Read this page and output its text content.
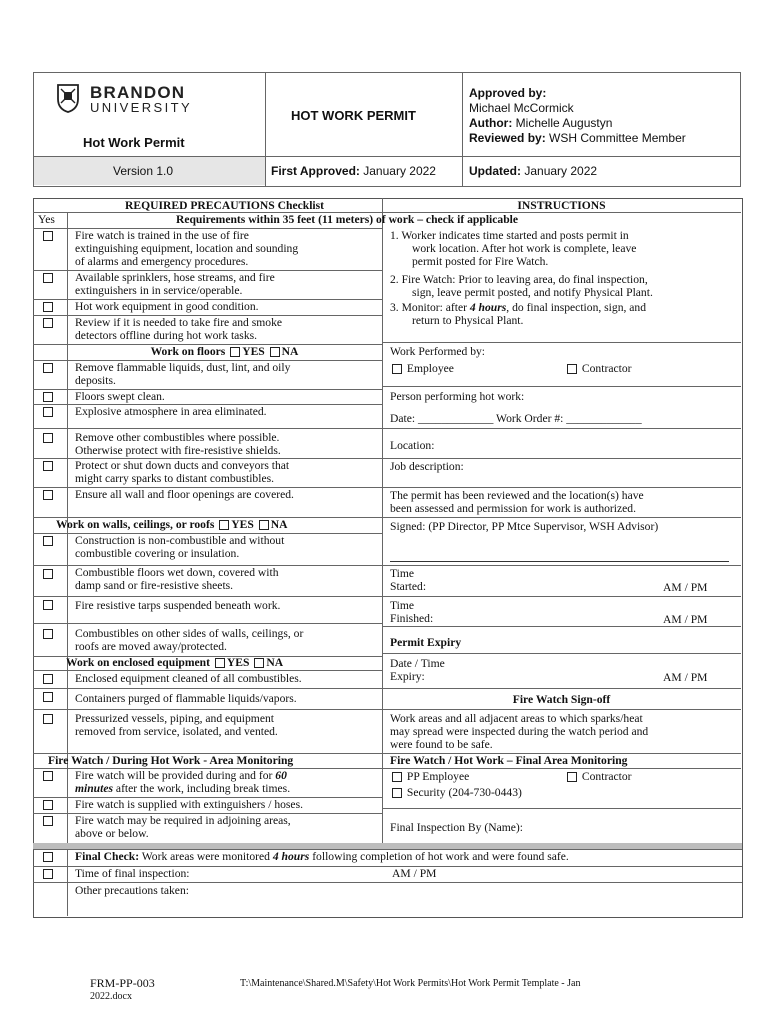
BRANDON
UNIVERSITY
Hot Work Permit
Version 1.0
HOT WORK PERMIT
First Approved: January 2022
Approved by:
Michael McCormick
Author: Michelle Augustyn
Reviewed by: WSH Committee Member
Updated: January 2022
REQUIRED PRECAUTIONS Checklist
Yes	Requirements within 35 feet (11 meters) of work – check if applicable
Fire watch is trained in the use of fire
extinguishing equipment, location and sounding
of alarms and emergency procedures.
Available sprinklers, hose streams, and fire
extinguishers in in service/operable.
Hot work equipment in good condition.
Review if it is needed to take fire and smoke
detectors offline during hot work tasks.
Work on floors YES NA
Remove flammable liquids, dust, lint, and oily
deposits.
Floors swept clean.
Explosive atmosphere in area eliminated.
Remove other combustibles where possible.
Otherwise protect with fire-resistive shields.
Protect or shut down ducts and conveyors that
might carry sparks to distant combustibles.
Ensure all wall and floor openings are covered.
Work on walls, ceilings, or roofs YES NA
Construction is non-combustible and without
combustible covering or insulation.
Combustible floors wet down, covered with
damp sand or fire-resistive sheets.
Fire resistive tarps suspended beneath work.
Combustibles on other sides of walls, ceilings, or
roofs are moved away/protected.
Work on enclosed equipment YES NA
Enclosed equipment cleaned of all combustibles.
Containers purged of flammable liquids/vapors.
Pressurized vessels, piping, and equipment
removed from service, isolated, and vented.
Fire Watch / During Hot Work - Area Monitoring
Fire watch will be provided during and for 60
minutes after the work, including break times.
Fire watch is supplied with extinguishers / hoses.
Fire watch may be required in adjoining areas,
above or below.
INSTRUCTIONS
1. Worker indicates time started and posts permit in
work location. After hot work is complete, leave
permit posted for Fire Watch.
2. Fire Watch: Prior to leaving area, do final inspection,
sign, leave permit posted, and notify Physical Plant.
3. Monitor: after 4 hours, do final inspection, sign, and
return to Physical Plant.
Work Performed by:
Employee	Contractor
Person performing hot work:
Date: _____________ Work Order #: _____________
Location:
Job description:
The permit has been reviewed and the location(s) have
been assessed and permission for work is authorized.
Signed: (PP Director, PP Mtce Supervisor, WSH Advisor)
Time
Started:	AM / PM
Time
Finished:	AM / PM
Permit Expiry
Date / Time
Expiry:	AM / PM
Fire Watch Sign-off
Work areas and all adjacent areas to which sparks/heat
may spread were inspected during the watch period and
were found to be safe.
Fire Watch / Hot Work – Final Area Monitoring
PP Employee	Contractor
Security (204-730-0443)
Final Inspection By (Name):
Final Check: Work areas were monitored 4 hours following completion of hot work and were found safe.
Time of final inspection:	AM / PM
Other precautions taken:
FRM-PP-003	T:\Maintenance\Shared.M\Safety\Hot Work Permits\Hot Work Permit Template - Jan
2022.docx
